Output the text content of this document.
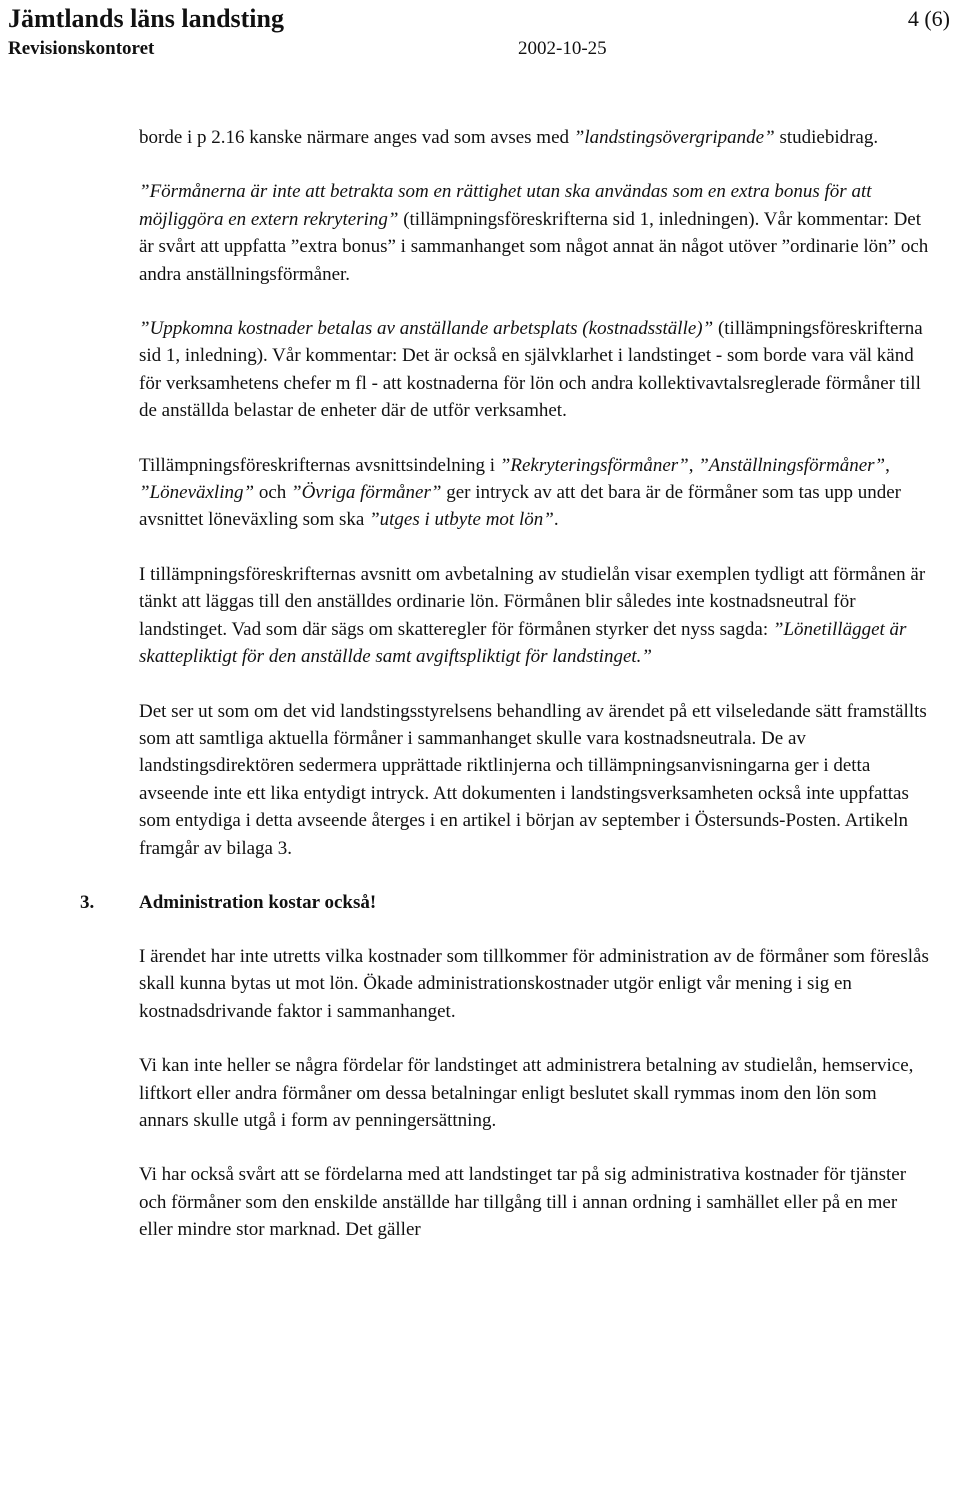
Jämtlands läns landsting
Revisionskontoret	2002-10-25
4 (6)

borde i p 2.16 kanske närmare anges vad som avses med ”landstingsövergripande” studiebidrag.

”Förmånerna är inte att betrakta som en rättighet utan ska användas som en extra bonus för att möjliggöra en extern rekrytering” (tillämpningsföreskrifterna sid 1, inledningen). Vår kommentar: Det är svårt att uppfatta ”extra bonus” i sammanhanget som något annat än något utöver ”ordinarie lön” och andra anställningsförmåner.

”Uppkomna kostnader betalas av anställande arbetsplats (kostnadsställe)” (tillämpningsföreskrifterna sid 1, inledning). Vår kommentar: Det är också en självklarhet i landstinget - som borde vara väl känd för verksamhetens chefer m fl - att kostnaderna för lön och andra kollektivavtalsreglerade förmåner till de anställda belastar de enheter där de utför verksamhet.

Tillämpningsföreskrifternas avsnittsindelning i ”Rekryteringsförmåner”, ”Anställningsförmåner”, ”Löneväxling” och ”Övriga förmåner” ger intryck av att det bara är de förmåner som tas upp under avsnittet löneväxling som ska ”utges i utbyte mot lön”.

I tillämpningsföreskrifternas avsnitt om avbetalning av studielån visar exemplen tydligt att förmånen är tänkt att läggas till den anställdes ordinarie lön. Förmånen blir således inte kostnadsneutral för landstinget. Vad som där sägs om skatteregler för förmånen styrker det nyss sagda: ”Lönetillägget är skattepliktigt för den anställde samt avgiftspliktigt för landstinget.”

Det ser ut som om det vid landstingsstyrelsens behandling av ärendet på ett vilseledande sätt framställts som att samtliga aktuella förmåner i sammanhanget skulle vara kostnadsneutrala. De av landstingsdirektören sedermera upprättade riktlinjerna och tillämpningsanvisningarna ger i detta avseende inte ett lika entydigt intryck. Att dokumenten i landstingsverksamheten också inte uppfattas som entydiga i detta avseende återges i en artikel i början av september i Östersunds-Posten. Artikeln framgår av bilaga 3.

3. Administration kostar också!

I ärendet har inte utretts vilka kostnader som tillkommer för administration av de förmåner som föreslås skall kunna bytas ut mot lön. Ökade administrationskostnader utgör enligt vår mening i sig en kostnadsdrivande faktor i sammanhanget.

Vi kan inte heller se några fördelar för landstinget att administrera betalning av studielån, hemservice, liftkort eller andra förmåner om dessa betalningar enligt beslutet skall rymmas inom den lön som annars skulle utgå i form av penningersättning.

Vi har också svårt att se fördelarna med att landstinget tar på sig administrativa kostnader för tjänster och förmåner som den enskilde anställde har tillgång till i annan ordning i samhället eller på en mer eller mindre stor marknad. Det gäller
